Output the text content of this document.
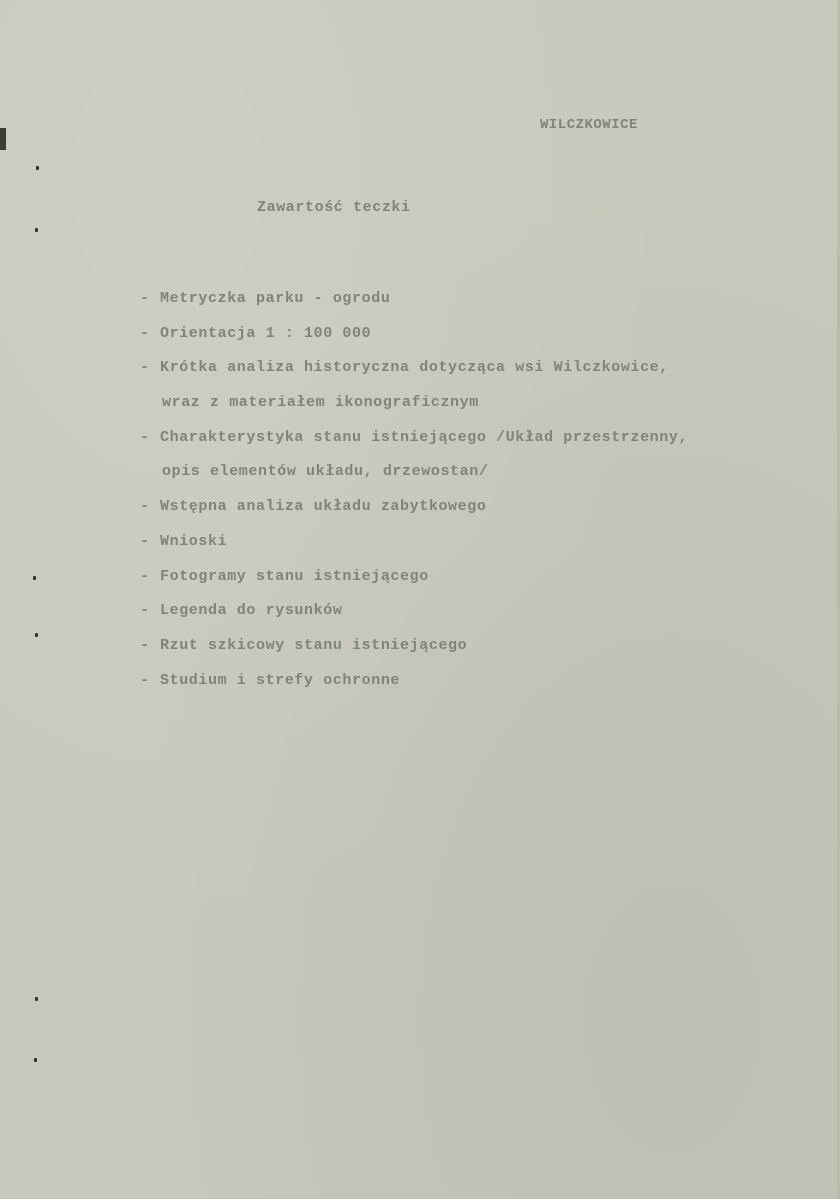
WILCZKOWICE
Zawartość teczki
- Metryczka parku - ogrodu
- Orientacja 1 : 100 000
- Krótka analiza historyczna dotycząca wsi Wilczkowice,
wraz z materiałem ikonograficznym
- Charakterystyka stanu istniejącego /Układ przestrzenny,
opis elementów układu, drzewostan/
- Wstępna analiza układu zabytkowego
- Wnioski
- Fotogramy stanu istniejącego
- Legenda do rysunków
- Rzut szkicowy stanu istniejącego
- Studium i strefy ochronne
